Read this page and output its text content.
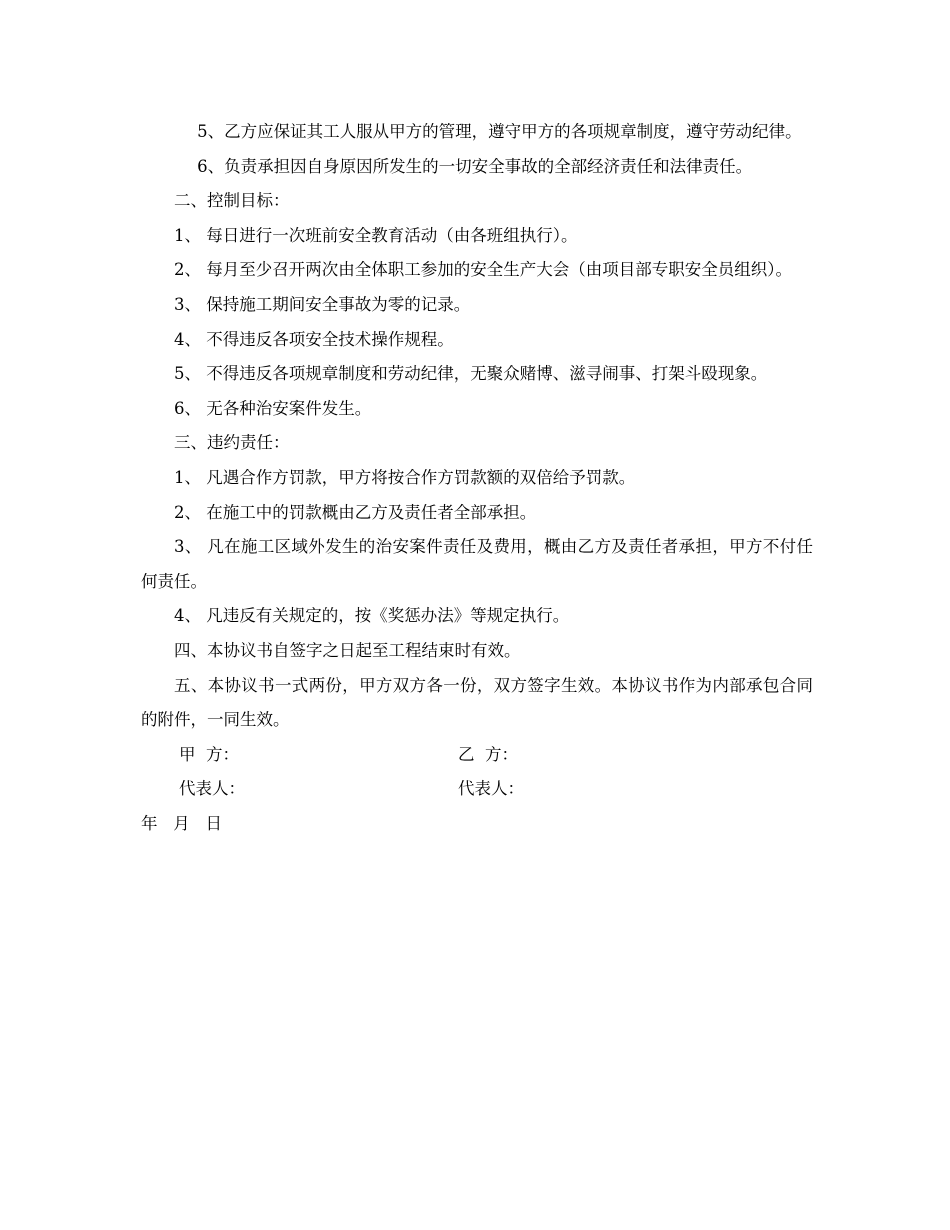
5、乙方应保证其工人服从甲方的管理，遵守甲方的各项规章制度，遵守劳动纪律。

6、负责承担因自身原因所发生的一切安全事故的全部经济责任和法律责任。

二、控制目标：

1、 每日进行一次班前安全教育活动（由各班组执行）。

2、 每月至少召开两次由全体职工参加的安全生产大会（由项目部专职安全员组织）。

3、 保持施工期间安全事故为零的记录。

4、 不得违反各项安全技术操作规程。

5、 不得违反各项规章制度和劳动纪律，无聚众赌博、滋寻闹事、打架斗殴现象。

6、 无各种治安案件发生。

三、违约责任：

1、 凡遇合作方罚款，甲方将按合作方罚款额的双倍给予罚款。

2、 在施工中的罚款概由乙方及责任者全部承担。

3、 凡在施工区域外发生的治安案件责任及费用，概由乙方及责任者承担，甲方不付任何责任。

4、 凡违反有关规定的，按《奖惩办法》等规定执行。

四、本协议书自签字之日起至工程结束时有效。

五、本协议书一式两份，甲方双方各一份，双方签字生效。本协议书作为内部承包合同的附件，一同生效。

甲  方：	乙  方：
代表人：	代表人：

年   月   日
